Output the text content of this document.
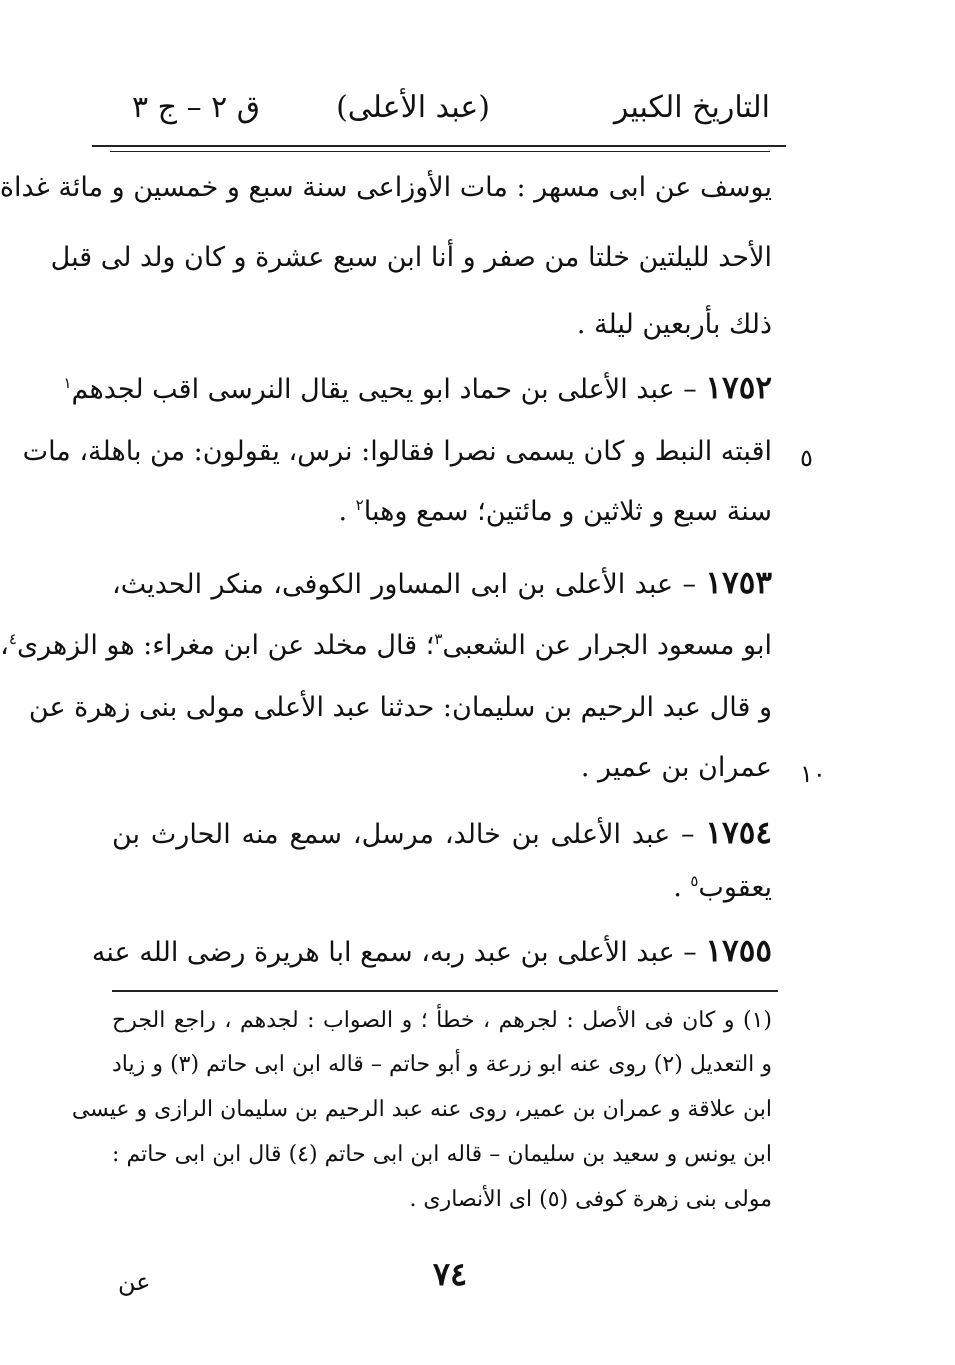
التاريخ الكبير
(عبد الأعلى)
ق ٢ – ج ٣
يوسف عن ابى مسهر : مات الأوزاعى سنة سبع و خمسين و مائة غداة
الأحد لليلتين خلتا من صفر و أنا ابن سبع عشرة و كان ولد لى قبل
ذلك بأربعين ليلة .
١٧٥٢ – عبد الأعلى بن حماد ابو يحيى يقال النرسى اقب لجدهم$^١$
اقبته النبط و كان يسمى نصرا فقالوا: نرس، يقولون: من باهلة، مات ٥
سنة سبع و ثلاثين و مائتين؛ سمع وهبا$^٢$ .
١٧٥٣ – عبد الأعلى بن ابى المساور الكوفى، منكر الحديث،
ابو مسعود الجرار عن الشعبى$^٣$؛ قال مخلد عن ابن مغراء: هو الزهرى$^٤$،
و قال عبد الرحيم بن سليمان: حدثنا عبد الأعلى مولى بنى زهرة عن
عمران بن عمير . ١٠
١٧٥٤ – عبد الأعلى بن خالد، مرسل، سمع منه الحارث بن
يعقوب$^٥$ .
١٧٥٥ – عبد الأعلى بن عبد ربه، سمع ابا هريرة رضى الله عنه
(١) و كان فى الأصل : لجرهم ، خطأ ؛ و الصواب : لجدهم ، راجع الجرح
و التعديل (٢) روى عنه ابو زرعة و أبو حاتم – قاله ابن ابى حاتم (٣) و زياد
ابن علاقة و عمران بن عمير، روى عنه عبد الرحيم بن سليمان الرازى و عيسى
ابن يونس و سعيد بن سليمان – قاله ابن ابى حاتم (٤) قال ابن ابى حاتم :
مولى بنى زهرة كوفى (٥) اى الأنصارى .
٧٤
عن
